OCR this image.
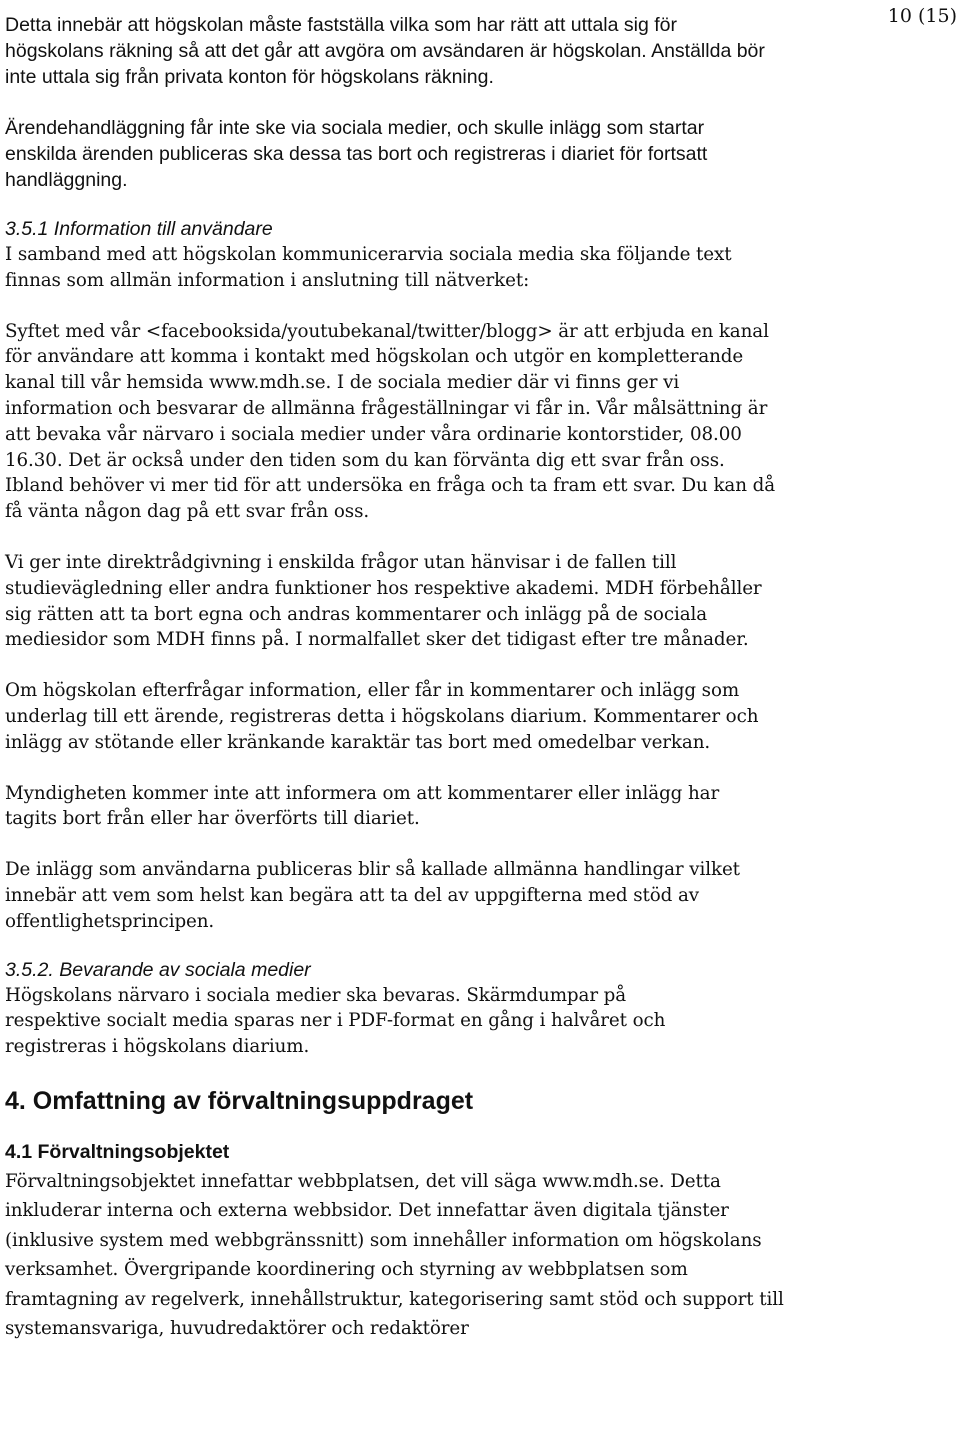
10 (15)

Detta innebär att högskolan måste fastställa vilka som har rätt att uttala sig för högskolans räkning så att det går att avgöra om avsändaren är högskolan. Anställda bör inte uttala sig från privata konton för högskolans räkning.

Ärendehandläggning får inte ske via sociala medier, och skulle inlägg som startar enskilda ärenden publiceras ska dessa tas bort och registreras i diariet för fortsatt handläggning.

3.5.1 Information till användare

I samband med att högskolan kommunicerarvia sociala media ska följande text finnas som allmän information i anslutning till nätverket:

Syftet med vår <facebooksida/youtubekanal/twitter/blogg> är att erbjuda en kanal för användare att komma i kontakt med högskolan och utgör en kompletterande kanal till vår hemsida www.mdh.se. I de sociala medier där vi finns ger vi information och besvarar de allmänna frågeställningar vi får in. Vår målsättning är att bevaka vår närvaro i sociala medier under våra ordinarie kontorstider, 08.00 16.30. Det är också under den tiden som du kan förvänta dig ett svar från oss. Ibland behöver vi mer tid för att undersöka en fråga och ta fram ett svar. Du kan då få vänta någon dag på ett svar från oss.

Vi ger inte direktrådgivning i enskilda frågor utan hänvisar i de fallen till studievägledning eller andra funktioner hos respektive akademi. MDH förbehåller sig rätten att ta bort egna och andras kommentarer och inlägg på de sociala mediesidor som MDH finns på. I normalfallet sker det tidigast efter tre månader.

Om högskolan efterfrågar information, eller får in kommentarer och inlägg som underlag till ett ärende, registreras detta i högskolans diarium. Kommentarer och inlägg av stötande eller kränkande karaktär tas bort med omedelbar verkan.

Myndigheten kommer inte att informera om att kommentarer eller inlägg har tagits bort från eller har överförts till diariet.

De inlägg som användarna publiceras blir så kallade allmänna handlingar vilket innebär att vem som helst kan begära att ta del av uppgifterna med stöd av offentlighetsprincipen.

3.5.2. Bevarande av sociala medier

Högskolans närvaro i sociala medier ska bevaras. Skärmdumpar på respektive socialt media sparas ner i PDF-format en gång i halvåret och registreras i högskolans diarium.

4. Omfattning av förvaltningsuppdraget

4.1 Förvaltningsobjektet

Förvaltningsobjektet innefattar webbplatsen, det vill säga www.mdh.se. Detta inkluderar interna och externa webbsidor. Det innefattar även digitala tjänster (inklusive system med webbgränssnitt) som innehåller information om högskolans verksamhet. Övergripande koordinering och styrning av webbplatsen som framtagning av regelverk, innehållstruktur, kategorisering samt stöd och support till systemansvariga, huvudredaktörer och redaktörer
